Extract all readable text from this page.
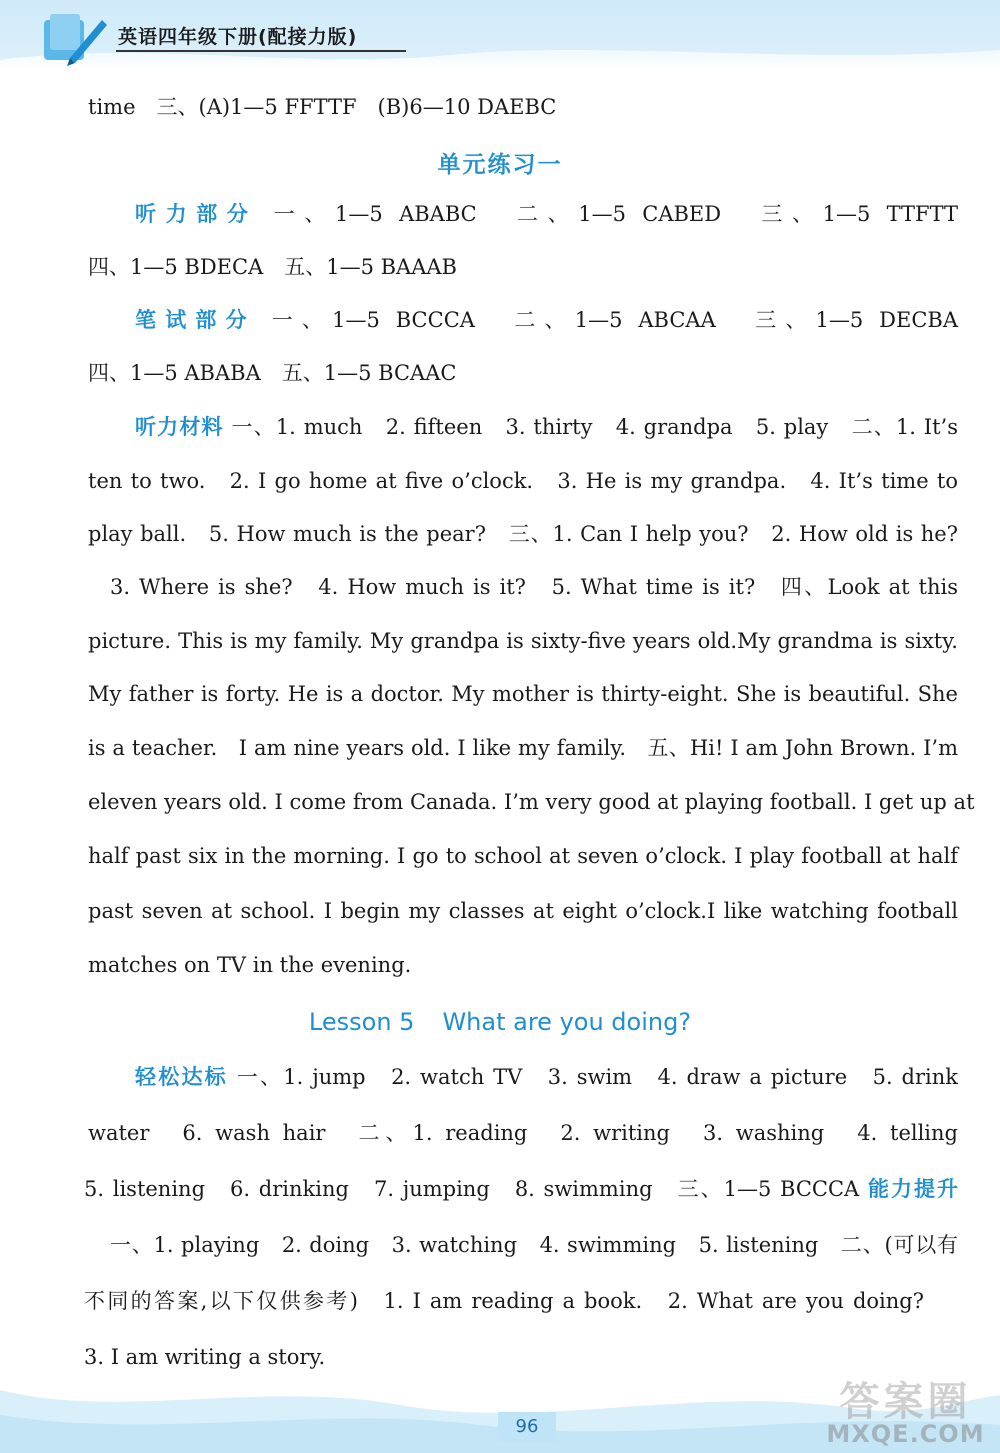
英语四年级下册(配接力版)
time　三、(A)1—5 FFTTF　(B)6—10 DAEBC
单元练习一
听力部分 一、1—5 ABABC　二、1—5 CABED　三、1—5 TTFTT
四、1—5 BDECA　五、1—5 BAAAB
笔试部分 一、1—5 BCCCA　二、1—5 ABCAA　三、1—5 DECBA
四、1—5 ABABA　五、1—5 BCAAC
听力材料 一、1. much　2. fifteen　3. thirty　4. grandpa　5. play　二、1. It’s
ten to two.　2. I go home at five o’clock.　3. He is my grandpa.　4. It’s time to
play ball.　5. How much is the pear?　三、1. Can I help you?　2. How old is he?
3. Where is she?　4. How much is it?　5. What time is it?　四、Look at this
picture. This is my family. My grandpa is sixty-five years old.My grandma is sixty.
My father is forty. He is a doctor. My mother is thirty-eight. She is beautiful. She
is a teacher.　I am nine years old. I like my family.　五、Hi! I am John Brown. I’m
eleven years old. I come from Canada. I’m very good at playing football. I get up at
half past six in the morning. I go to school at seven o’clock. I play football at half
past seven at school. I begin my classes at eight o’clock.I like watching football
matches on TV in the evening.
Lesson 5 What are you doing?
轻松达标 一、1. jump　2. watch TV　3. swim　4. draw a picture　5. drink
water　6. wash hair　二、1. reading　2. writing　3. washing　4. telling
5. listening　6. drinking　7. jumping　8. swimming　三、1—5 BCCCA 能力提升
一、1. playing　2. doing　3. watching　4. swimming　5. listening　二、(可以有
不同的答案,以下仅供参考)　1. I am reading a book.　2. What are you doing?
3. I am writing a story.
96
答案圈
MXQE.COM
